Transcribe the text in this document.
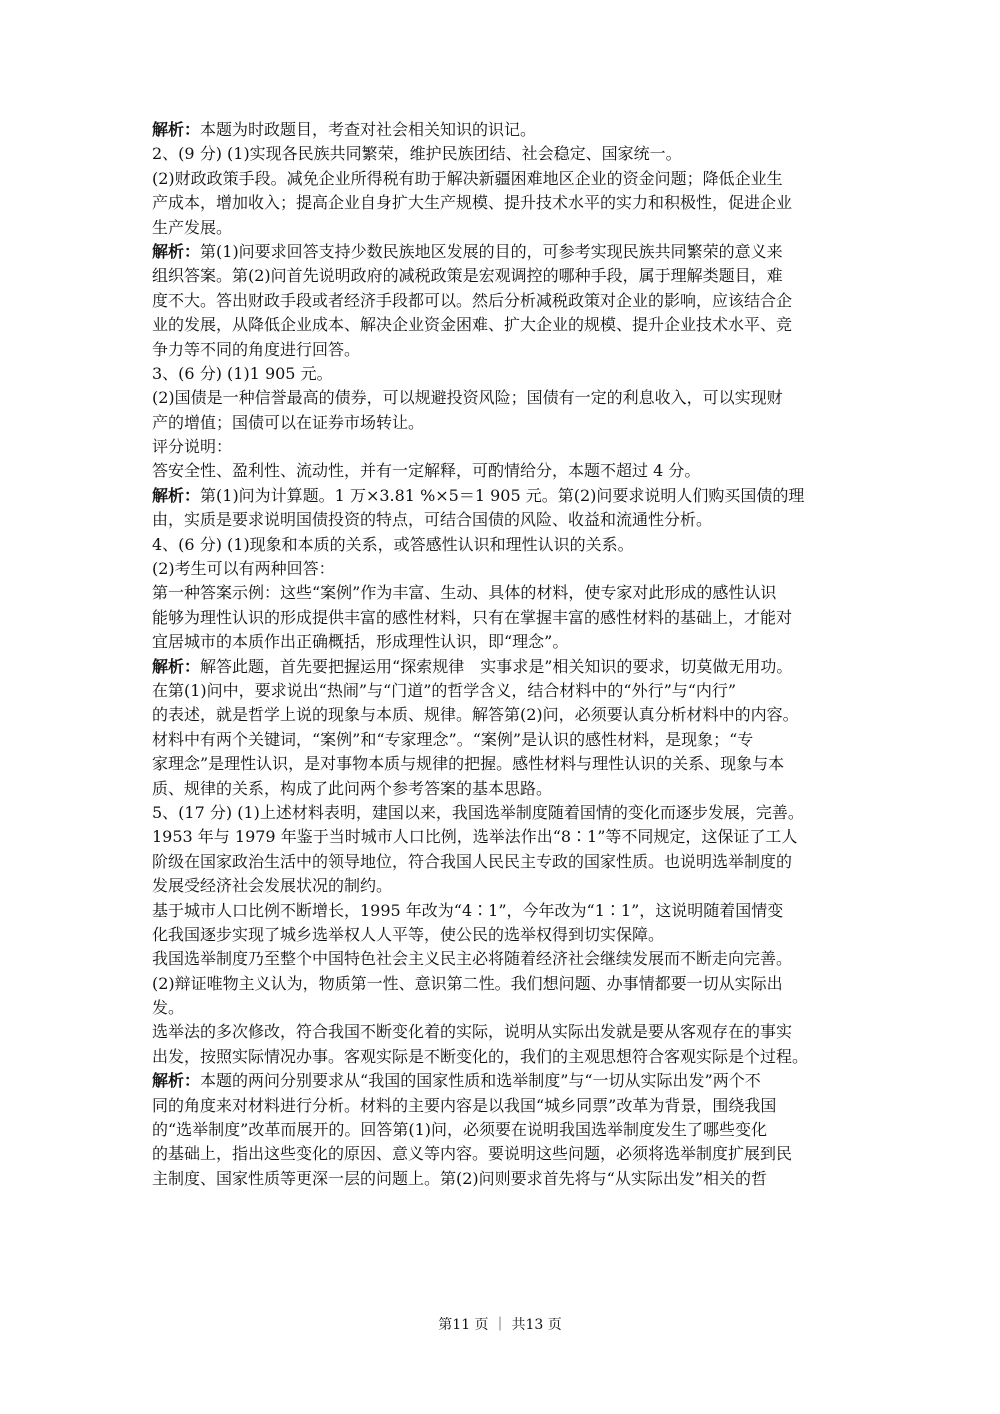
解析：本题为时政题目，考查对社会相关知识的识记。
2、(9 分) (1)实现各民族共同繁荣，维护民族团结、社会稳定、国家统一。
(2)财政政策手段。减免企业所得税有助于解决新疆困难地区企业的资金问题；降低企业生
产成本，增加收入；提高企业自身扩大生产规模、提升技术水平的实力和积极性，促进企业
生产发展。
解析：第(1)问要求回答支持少数民族地区发展的目的，可参考实现民族共同繁荣的意义来
组织答案。第(2)问首先说明政府的减税政策是宏观调控的哪种手段，属于理解类题目，难
度不大。答出财政手段或者经济手段都可以。然后分析减税政策对企业的影响，应该结合企
业的发展，从降低企业成本、解决企业资金困难、扩大企业的规模、提升企业技术水平、竞
争力等不同的角度进行回答。
3、(6 分) (1)1 905 元。
(2)国债是一种信誉最高的债券，可以规避投资风险；国债有一定的利息收入，可以实现财
产的增值；国债可以在证券市场转让。
评分说明：
答安全性、盈利性、流动性，并有一定解释，可酌情给分，本题不超过 4 分。
解析：第(1)问为计算题。1 万×3.81 %×5＝1 905 元。第(2)问要求说明人们购买国债的理
由，实质是要求说明国债投资的特点，可结合国债的风险、收益和流通性分析。
4、(6 分) (1)现象和本质的关系，或答感性认识和理性认识的关系。
(2)考生可以有两种回答：
第一种答案示例：这些“案例”作为丰富、生动、具体的材料，使专家对此形成的感性认识
能够为理性认识的形成提供丰富的感性材料，只有在掌握丰富的感性材料的基础上，才能对
宜居城市的本质作出正确概括，形成理性认识，即“理念”。
解析：解答此题，首先要把握运用“探索规律　实事求是”相关知识的要求，切莫做无用功。
在第(1)问中，要求说出“热闹”与“门道”的哲学含义，结合材料中的“外行”与“内行”
的表述，就是哲学上说的现象与本质、规律。解答第(2)问，必须要认真分析材料中的内容。
材料中有两个关键词，“案例”和“专家理念”。“案例”是认识的感性材料，是现象；“专
家理念”是理性认识，是对事物本质与规律的把握。感性材料与理性认识的关系、现象与本
质、规律的关系，构成了此问两个参考答案的基本思路。
5、(17 分) (1)上述材料表明，建国以来，我国选举制度随着国情的变化而逐步发展，完善。
1953 年与 1979 年鉴于当时城市人口比例，选举法作出“8∶1”等不同规定，这保证了工人
阶级在国家政治生活中的领导地位，符合我国人民民主专政的国家性质。也说明选举制度的
发展受经济社会发展状况的制约。
基于城市人口比例不断增长，1995 年改为“4∶1”，今年改为“1∶1”，这说明随着国情变
化我国逐步实现了城乡选举权人人平等，使公民的选举权得到切实保障。
我国选举制度乃至整个中国特色社会主义民主必将随着经济社会继续发展而不断走向完善。
(2)辩证唯物主义认为，物质第一性、意识第二性。我们想问题、办事情都要一切从实际出
发。
选举法的多次修改，符合我国不断变化着的实际，说明从实际出发就是要从客观存在的事实
出发，按照实际情况办事。客观实际是不断变化的，我们的主观思想符合客观实际是个过程。
解析：本题的两问分别要求从“我国的国家性质和选举制度”与“一切从实际出发”两个不
同的角度来对材料进行分析。材料的主要内容是以我国“城乡同票”改革为背景，围绕我国
的“选举制度”改革而展开的。回答第(1)问，必须要在说明我国选举制度发生了哪些变化
的基础上，指出这些变化的原因、意义等内容。要说明这些问题，必须将选举制度扩展到民
主制度、国家性质等更深一层的问题上。第(2)问则要求首先将与“从实际出发”相关的哲
第11 页 ｜ 共13 页
